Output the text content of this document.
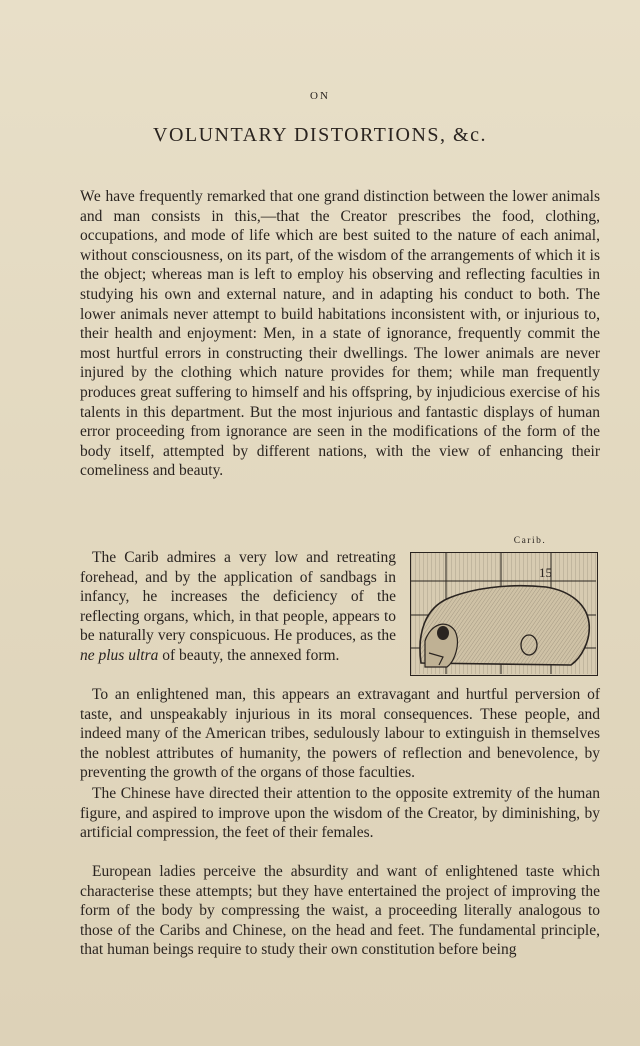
ON
VOLUNTARY DISTORTIONS, &c.
We have frequently remarked that one grand distinction between the lower animals and man consists in this,—that the Creator prescribes the food, clothing, occupations, and mode of life which are best suited to the nature of each animal, without consciousness, on its part, of the wisdom of the arrangements of which it is the object; whereas man is left to employ his observing and reflecting faculties in studying his own and external nature, and in adapting his conduct to both. The lower animals never attempt to build habitations inconsistent with, or injurious to, their health and enjoyment: Men, in a state of ignorance, frequently commit the most hurtful errors in constructing their dwellings. The lower animals are never injured by the clothing which nature provides for them; while man frequently produces great suffering to himself and his offspring, by injudicious exercise of his talents in this department. But the most injurious and fantastic displays of human error proceeding from ignorance are seen in the modifications of the form of the body itself, attempted by different nations, with the view of enhancing their comeliness and beauty.
The Carib admires a very low and retreating forehead, and by the application of sandbags in infancy, he increases the deficiency of the reflecting organs, which, in that people, appears to be naturally very conspicuous. He produces, as the ne plus ultra of beauty, the annexed form.
Carib.
15
To an enlightened man, this appears an extravagant and hurtful perversion of taste, and unspeakably injurious in its moral consequences. These people, and indeed many of the American tribes, sedulously labour to extinguish in themselves the noblest attributes of humanity, the powers of reflection and benevolence, by preventing the growth of the organs of those faculties.
The Chinese have directed their attention to the opposite extremity of the human figure, and aspired to improve upon the wisdom of the Creator, by diminishing, by artificial compression, the feet of their females.
European ladies perceive the absurdity and want of enlightened taste which characterise these attempts; but they have entertained the project of improving the form of the body by compressing the waist, a proceeding literally analogous to those of the Caribs and Chinese, on the head and feet. The fundamental principle, that human beings require to study their own constitution before being
